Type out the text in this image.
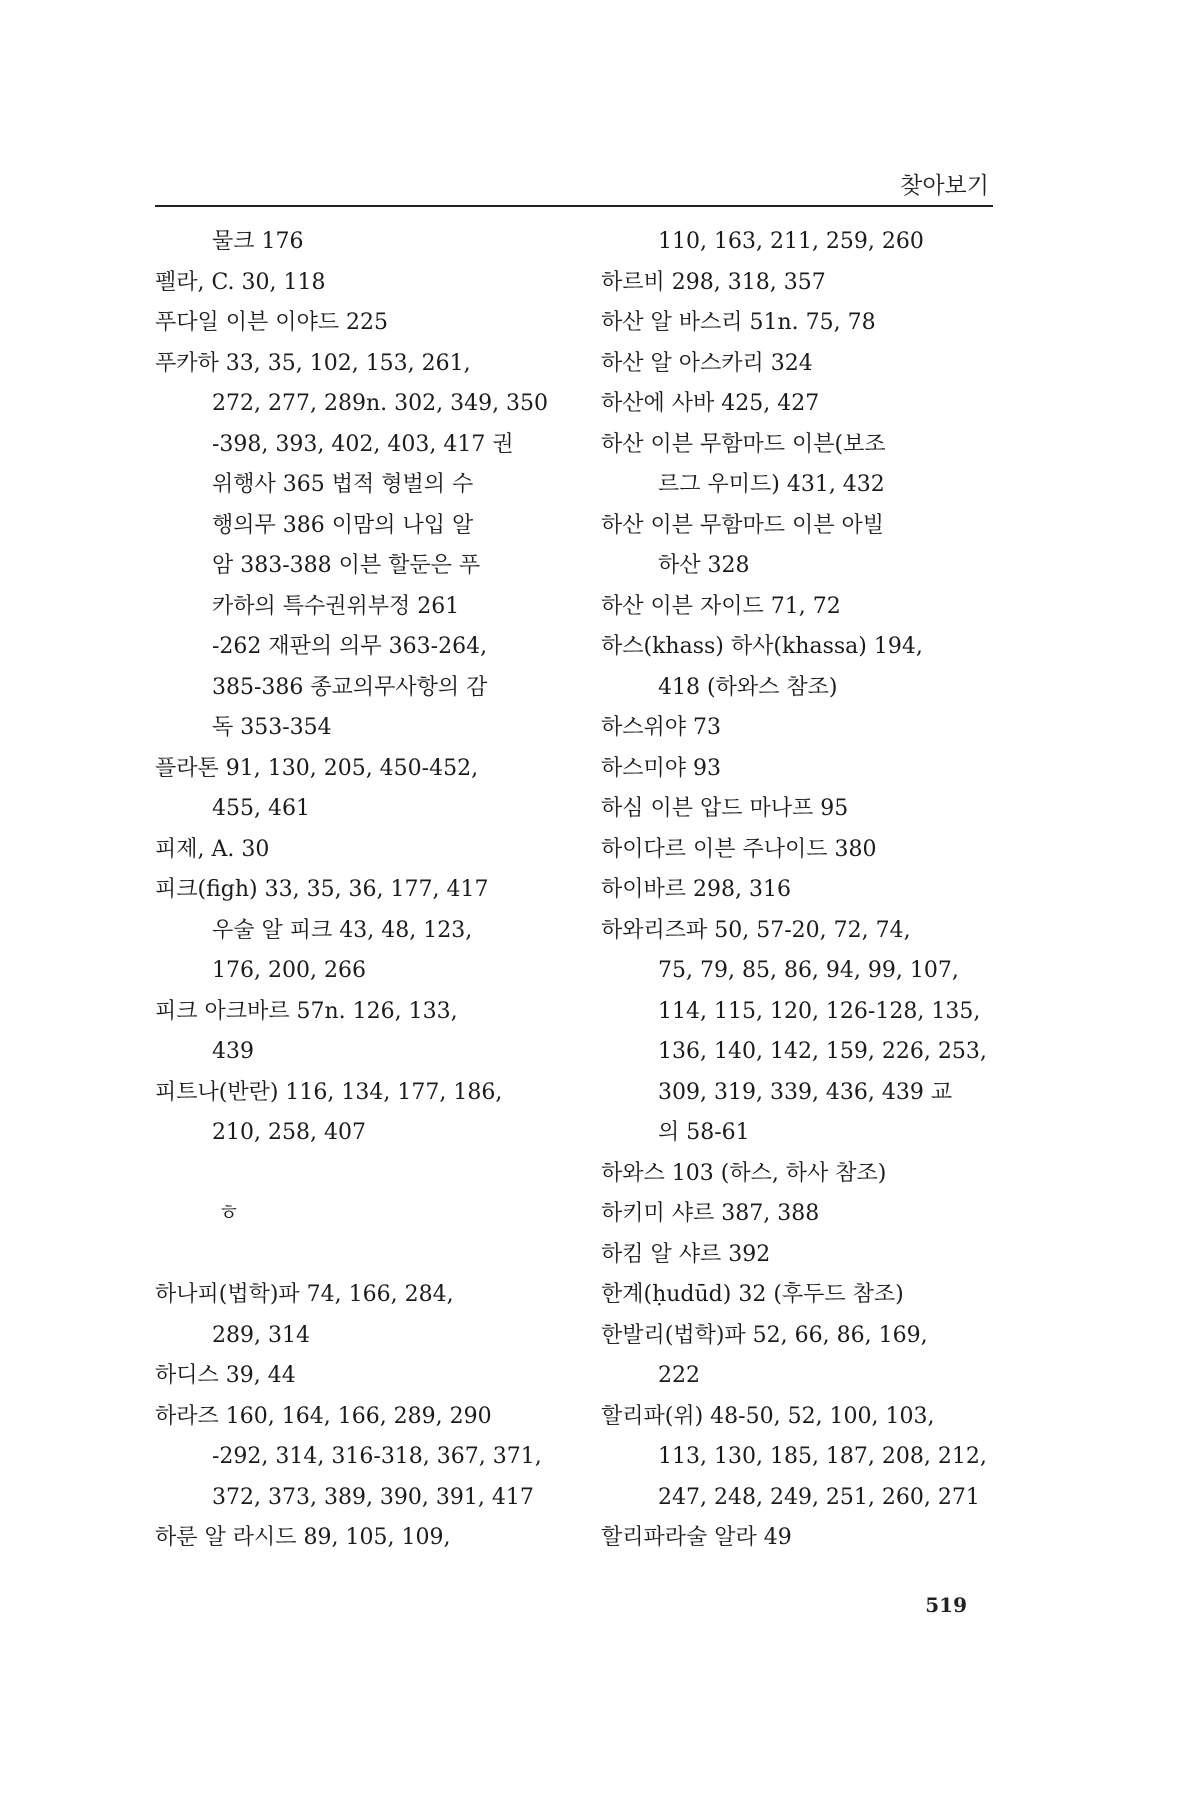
찾아보기
물크 176
펠라, C. 30, 118
푸다일 이븐 이야드 225
푸카하 33, 35, 102, 153, 261,
272, 277, 289n. 302, 349, 350
-398, 393, 402, 403, 417 권
위행사 365 법적 형벌의 수
행의무 386 이맘의 나입 알
암 383-388 이븐 할둔은 푸
카하의 특수권위부정 261
-262 재판의 의무 363-264,
385-386 종교의무사항의 감
독 353-354
플라톤 91, 130, 205, 450-452,
455, 461
피제, A. 30
피크(figh) 33, 35, 36, 177, 417
우술 알 피크 43, 48, 123,
176, 200, 266
피크 아크바르 57n. 126, 133,
439
피트나(반란) 116, 134, 177, 186,
210, 258, 407
ㅎ
하나피(법학)파 74, 166, 284,
289, 314
하디스 39, 44
하라즈 160, 164, 166, 289, 290
-292, 314, 316-318, 367, 371,
372, 373, 389, 390, 391, 417
하룬 알 라시드 89, 105, 109,
110, 163, 211, 259, 260
하르비 298, 318, 357
하산 알 바스리 51n. 75, 78
하산 알 아스카리 324
하산에 사바 425, 427
하산 이븐 무함마드 이븐(보조
르그 우미드) 431, 432
하산 이븐 무함마드 이븐 아빌
하산 328
하산 이븐 자이드 71, 72
하스(khass) 하사(khassa) 194,
418 (하와스 참조)
하스위야 73
하스미야 93
하심 이븐 압드 마나프 95
하이다르 이븐 주나이드 380
하이바르 298, 316
하와리즈파 50, 57-20, 72, 74,
75, 79, 85, 86, 94, 99, 107,
114, 115, 120, 126-128, 135,
136, 140, 142, 159, 226, 253,
309, 319, 339, 436, 439 교
의 58-61
하와스 103 (하스, 하사 참조)
하키미 샤르 387, 388
하킴 알 샤르 392
한계(ḥudūd) 32 (후두드 참조)
한발리(법학)파 52, 66, 86, 169,
222
할리파(위) 48-50, 52, 100, 103,
113, 130, 185, 187, 208, 212,
247, 248, 249, 251, 260, 271
할리파라술 알라 49
519
